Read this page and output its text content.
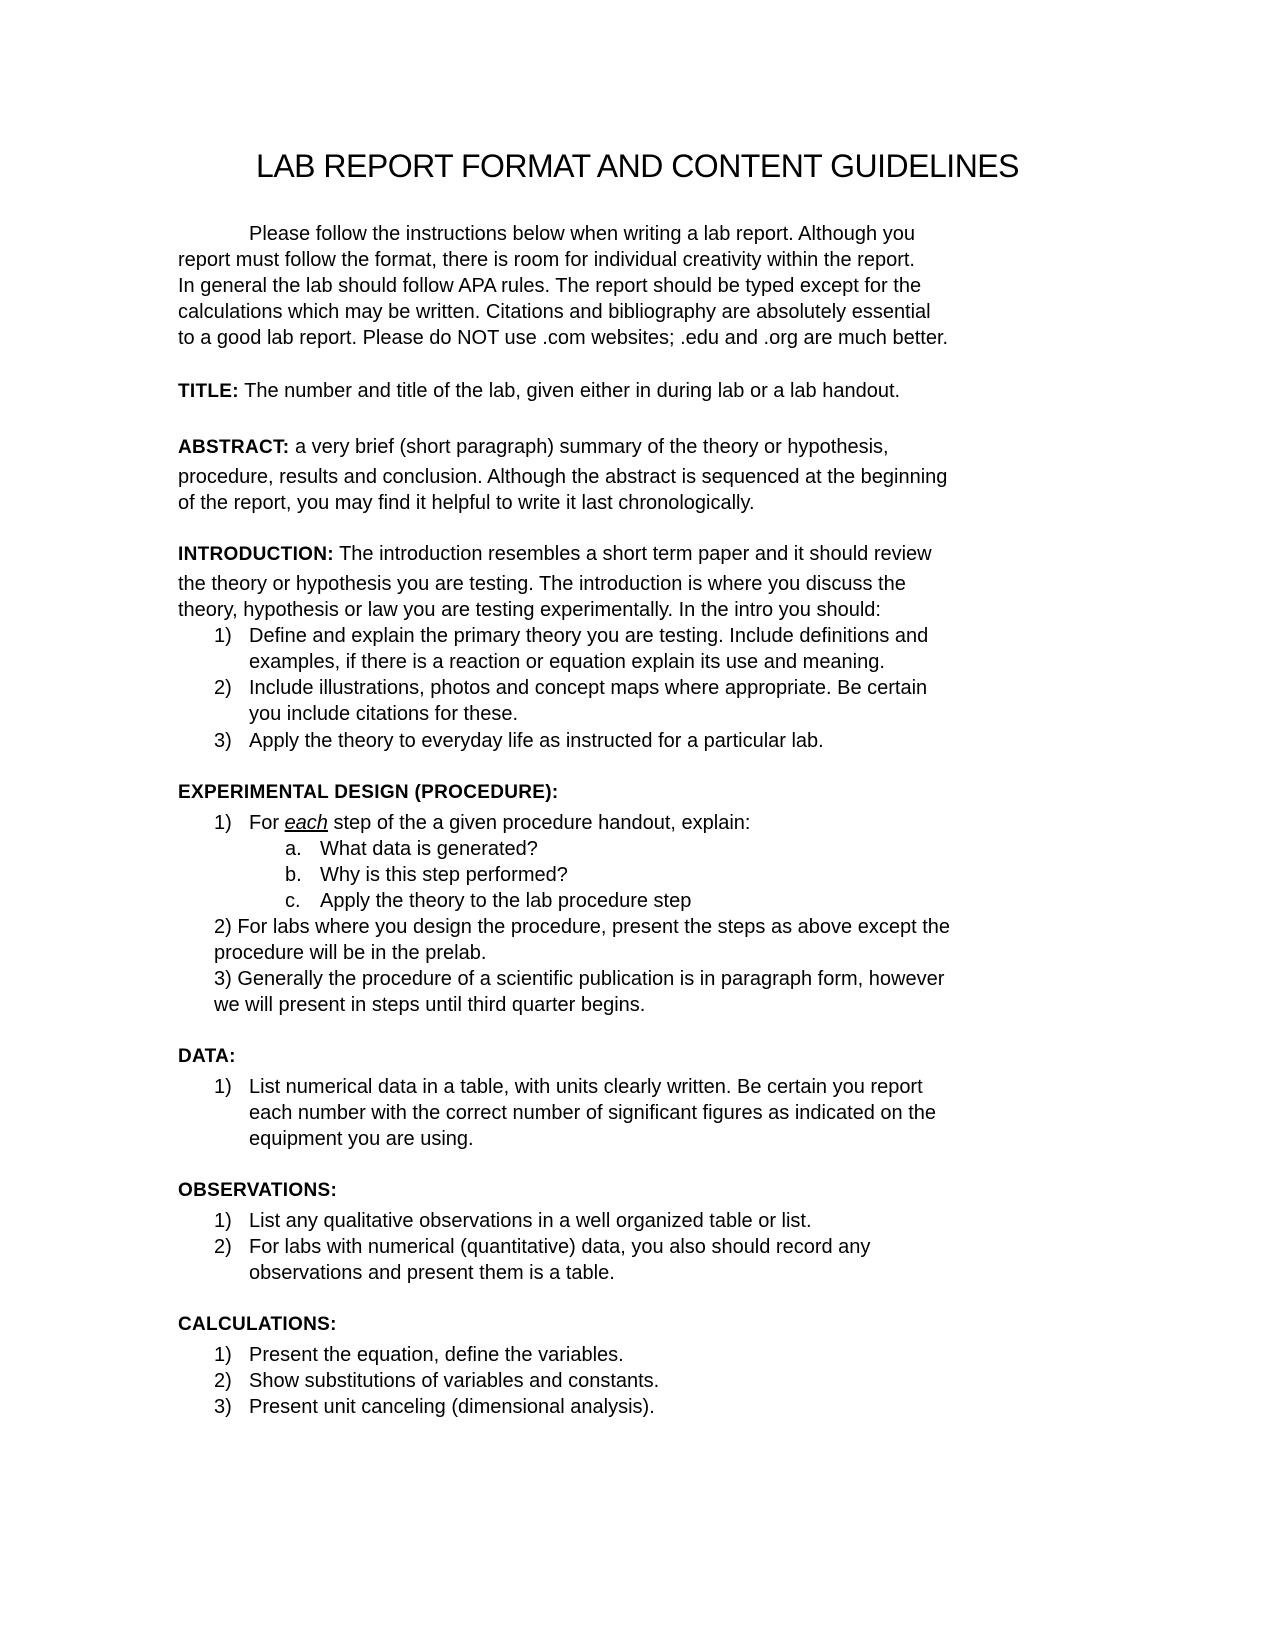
LAB REPORT FORMAT AND CONTENT GUIDELINES
Please follow the instructions below when writing a lab report. Although you
report must follow the format, there is room for individual creativity within the report.
In general the lab should follow APA rules. The report should be typed except for the
calculations which may be written. Citations and bibliography are absolutely essential
to a good lab report. Please do NOT use .com websites; .edu and .org are much better.
TITLE: The number and title of the lab, given either in during lab or a lab handout.
ABSTRACT: a very brief (short paragraph) summary of the theory or hypothesis,
procedure, results and conclusion. Although the abstract is sequenced at the beginning
of the report, you may find it helpful to write it last chronologically.
INTRODUCTION: The introduction resembles a short term paper and it should review
the theory or hypothesis you are testing. The introduction is where you discuss the
theory, hypothesis or law you are testing experimentally. In the intro you should:
1) Define and explain the primary theory you are testing. Include definitions and
examples, if there is a reaction or equation explain its use and meaning.
2) Include illustrations, photos and concept maps where appropriate. Be certain
you include citations for these.
3) Apply the theory to everyday life as instructed for a particular lab.
EXPERIMENTAL DESIGN (PROCEDURE):
1) For each step of the a given procedure handout, explain:
a. What data is generated?
b. Why is this step performed?
c. Apply the theory to the lab procedure step
2) For labs where you design the procedure, present the steps as above except the
procedure will be in the prelab.
3) Generally the procedure of a scientific publication is in paragraph form, however
we will present in steps until third quarter begins.
DATA:
1) List numerical data in a table, with units clearly written. Be certain you report
each number with the correct number of significant figures as indicated on the
equipment you are using.
OBSERVATIONS:
1) List any qualitative observations in a well organized table or list.
2) For labs with numerical (quantitative) data, you also should record any
observations and present them is a table.
CALCULATIONS:
1) Present the equation, define the variables.
2) Show substitutions of variables and constants.
3) Present unit canceling (dimensional analysis).
